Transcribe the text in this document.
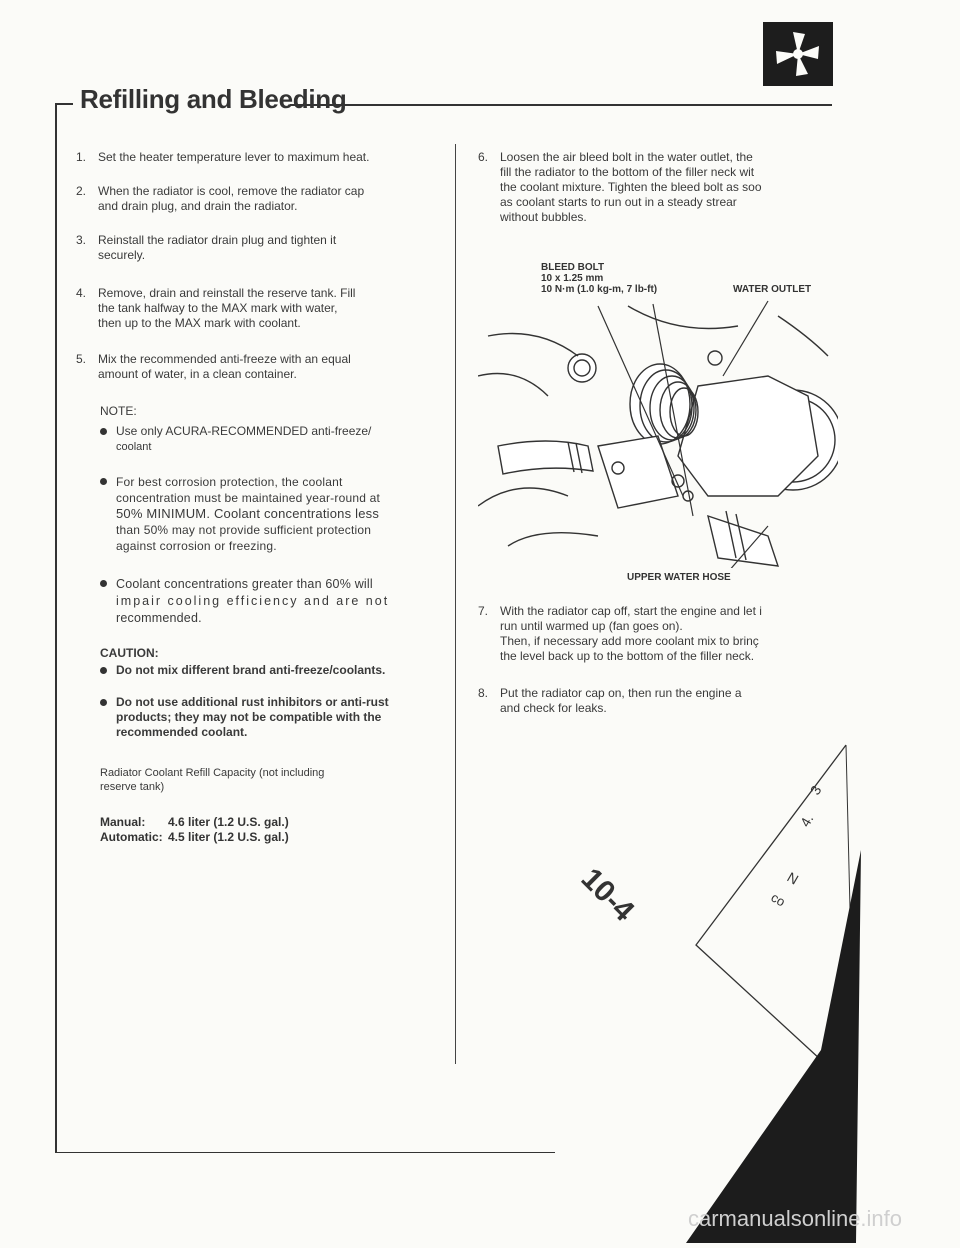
Refilling and Bleeding
1. Set the heater temperature lever to maximum heat.
2. When the radiator is cool, remove the radiator cap
and drain plug, and drain the radiator.
3. Reinstall the radiator drain plug and tighten it
securely.
4. Remove, drain and reinstall the reserve tank. Fill
the tank halfway to the MAX mark with water,
then up to the MAX mark with coolant.
5. Mix the recommended anti-freeze with an equal
amount of water, in a clean container.
NOTE:
Use only ACURA-RECOMMENDED anti-freeze/
coolant
For best corrosion protection, the coolant
concentration must be maintained year-round at
50% MINIMUM. Coolant concentrations less
than 50% may not provide sufficient protection
against corrosion or freezing.
Coolant concentrations greater than 60% will
impair cooling efficiency and are not
recommended.
CAUTION:
Do not mix different brand anti-freeze/coolants.
Do not use additional rust inhibitors or anti-rust
products; they may not be compatible with the
recommended coolant.
Radiator Coolant Refill Capacity (not including
reserve tank)
Manual: 4.6 liter (1.2 U.S. gal.)
Automatic: 4.5 liter (1.2 U.S. gal.)
6. Loosen the air bleed bolt in the water outlet, the
fill the radiator to the bottom of the filler neck wit
the coolant mixture. Tighten the bleed bolt as soo
as coolant starts to run out in a steady strear
without bubbles.
BLEED BOLT
10 x 1.25 mm
10 N·m (1.0 kg-m, 7 lb-ft)	WATER OUTLET
UPPER WATER HOSE
7. With the radiator cap off, start the engine and let i
run until warmed up (fan goes on).
Then, if necessary add more coolant mix to brinç
the level back up to the bottom of the filler neck.
8. Put the radiator cap on, then run the engine a
and check for leaks.
3
4.
N
co
10-4
carmanualsonline.info
